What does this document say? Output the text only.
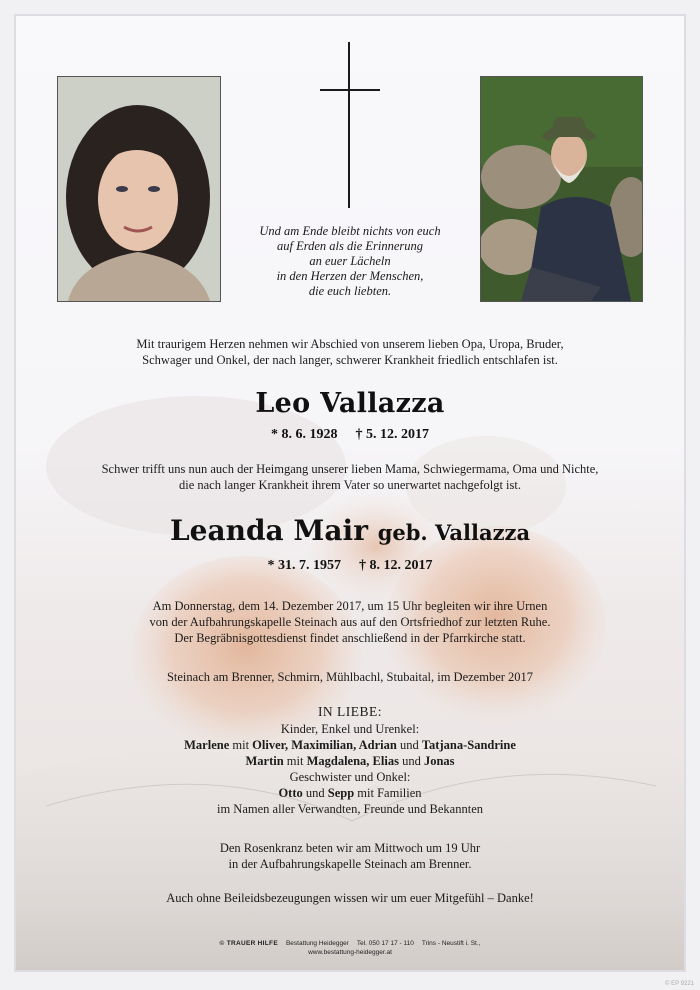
Und am Ende bleibt nichts von euch
auf Erden als die Erinnerung
an euer Lächeln
in den Herzen der Menschen,
die euch liebten.
Mit traurigem Herzen nehmen wir Abschied von unserem lieben Opa, Uropa, Bruder,
Schwager und Onkel, der nach langer, schwerer Krankheit friedlich entschlafen ist.
Leo Vallazza
* 8. 6. 1928 † 5. 12. 2017
Schwer trifft uns nun auch der Heimgang unserer lieben Mama, Schwiegermama, Oma und Nichte,
die nach langer Krankheit ihrem Vater so unerwartet nachgefolgt ist.
Leanda Mair geb. Vallazza
* 31. 7. 1957 † 8. 12. 2017
Am Donnerstag, dem 14. Dezember 2017, um 15 Uhr begleiten wir ihre Urnen
von der Aufbahrungskapelle Steinach aus auf den Ortsfriedhof zur letzten Ruhe.
Der Begräbnisgottesdienst findet anschließend in der Pfarrkirche statt.
Steinach am Brenner, Schmirn, Mühlbachl, Stubaital, im Dezember 2017
IN LIEBE:
Kinder, Enkel und Urenkel:
Marlene mit Oliver, Maximilian, Adrian und Tatjana-Sandrine
Martin mit Magdalena, Elias und Jonas
Geschwister und Onkel:
Otto und Sepp mit Familien
im Namen aller Verwandten, Freunde und Bekannten
Den Rosenkranz beten wir am Mittwoch um 19 Uhr
in der Aufbahrungskapelle Steinach am Brenner.
Auch ohne Beileidsbezeugungen wissen wir um euer Mitgefühl – Danke!
© TRAUER HILFE Bestattung Heidegger Tel. 050 17 17 - 110 Trins - Neustift i. St.,
www.bestattung-heidegger.at
© EP 9221
